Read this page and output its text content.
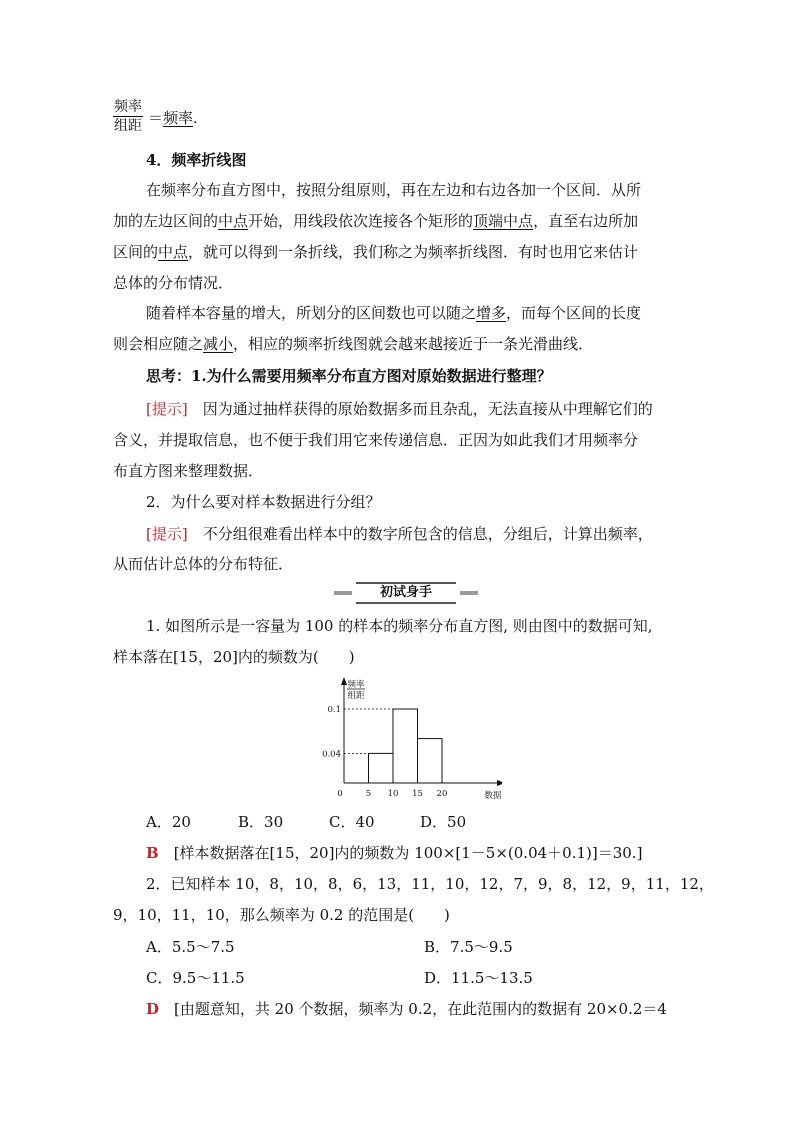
频率
组距 ＝频率.
4．频率折线图
在频率分布直方图中，按照分组原则，再在左边和右边各加一个区间．从所
加的左边区间的中点开始，用线段依次连接各个矩形的顶端中点，直至右边所加
区间的中点，就可以得到一条折线，我们称之为频率折线图．有时也用它来估计
总体的分布情况．
随着样本容量的增大，所划分的区间数也可以随之增多，而每个区间的长度
则会相应随之减小，相应的频率折线图就会越来越接近于一条光滑曲线．
思考：1.为什么需要用频率分布直方图对原始数据进行整理？
[提示]　 因为通过抽样获得的原始数据多而且杂乱，无法直接从中理解它们的
含义，并提取信息，也不便于我们用它来传递信息．正因为如此我们才用频率分
布直方图来整理数据．
2．为什么要对样本数据进行分组？
[提示]　 不分组很难看出样本中的数字所包含的信息，分组后，计算出频率，
从而估计总体的分布特征．
初试身手
1. 如图所示是一容量为 100 的样本的频率分布直方图, 则由图中的数据可知,
样本落在[15，20]内的频数为(　　)
频率
组距
0.04
0.1
0	5 10 15 20	数据
A．20	B．30	C．40	D．50
B　 [样本数据落在[15，20]内的频数为 100×[1－5×(0.04＋0.1)]＝30.]
2．已知样本 10，8，10，8，6，13，11，10，12，7，9，8，12，9，11，12，
9，10，11，10，那么频率为 0.2 的范围是(　　)
A．5.5～7.5	B．7.5～9.5
C．9.5～11.5	D．11.5～13.5
D　 [由题意知，共 20 个数据，频率为 0.2，在此范围内的数据有 20×0.2＝4
